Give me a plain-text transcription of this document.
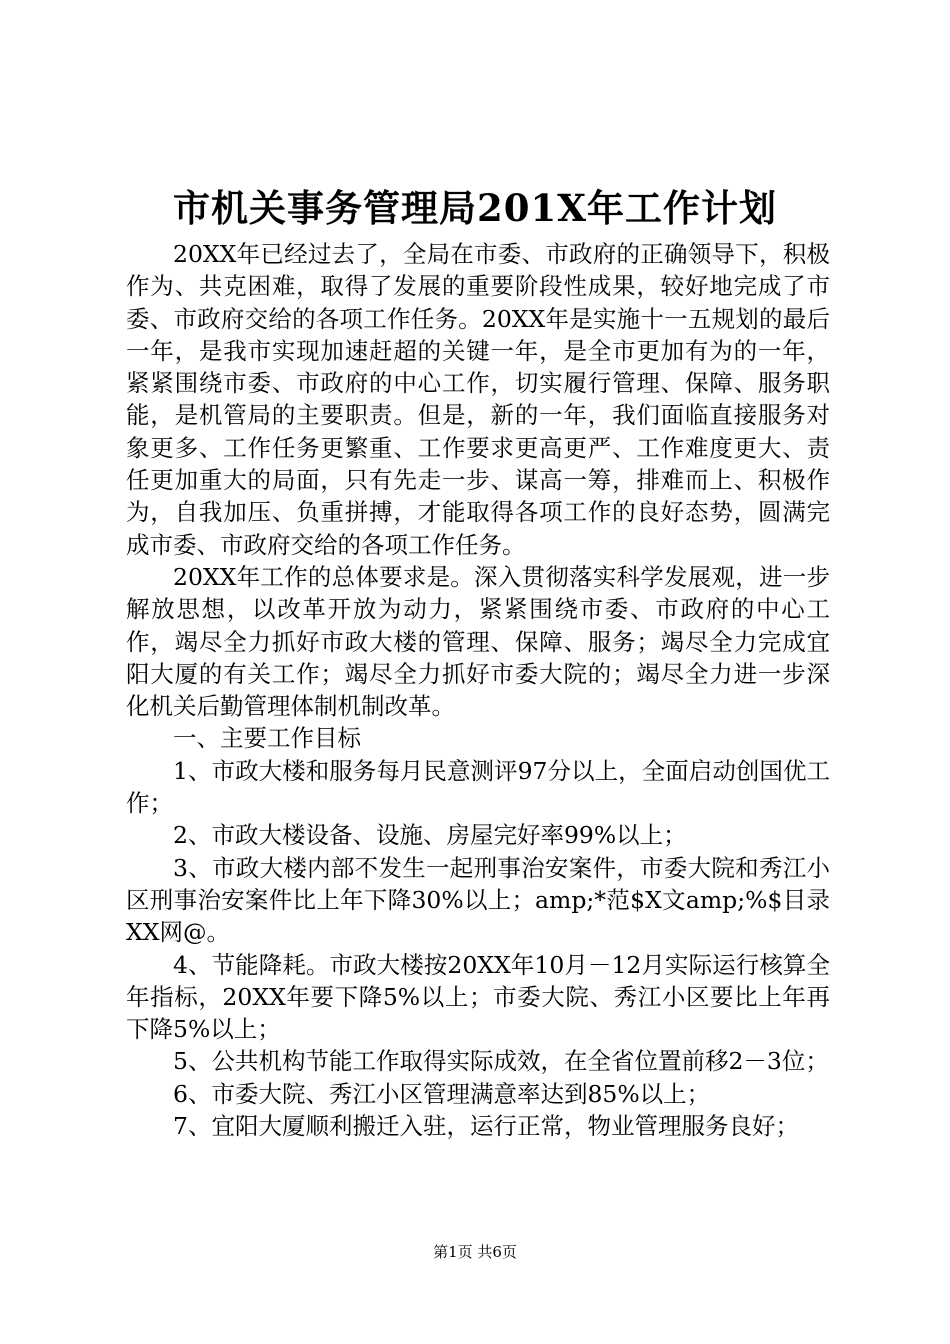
市机关事务管理局201X年工作计划

20XX年已经过去了，全局在市委、市政府的正确领导下，积极作为、共克困难，取得了发展的重要阶段性成果，较好地完成了市委、市政府交给的各项工作任务。20XX年是实施十一五规划的最后一年，是我市实现加速赶超的关键一年，是全市更加有为的一年，紧紧围绕市委、市政府的中心工作，切实履行管理、保障、服务职能，是机管局的主要职责。但是，新的一年，我们面临直接服务对象更多、工作任务更繁重、工作要求更高更严、工作难度更大、责任更加重大的局面，只有先走一步、谋高一筹，排难而上、积极作为，自我加压、负重拼搏，才能取得各项工作的良好态势，圆满完成市委、市政府交给的各项工作任务。

20XX年工作的总体要求是。深入贯彻落实科学发展观，进一步解放思想，以改革开放为动力，紧紧围绕市委、市政府的中心工作，竭尽全力抓好市政大楼的管理、保障、服务；竭尽全力完成宜阳大厦的有关工作；竭尽全力抓好市委大院的；竭尽全力进一步深化机关后勤管理体制机制改革。

一、主要工作目标

1、市政大楼和服务每月民意测评97分以上，全面启动创国优工作；

2、市政大楼设备、设施、房屋完好率99%以上；

3、市政大楼内部不发生一起刑事治安案件，市委大院和秀江小区刑事治安案件比上年下降30%以上；amp;*范$X文amp;%$目录XX网@。

4、节能降耗。市政大楼按20XX年10月－12月实际运行核算全年指标，20XX年要下降5%以上；市委大院、秀江小区要比上年再下降5%以上；

5、公共机构节能工作取得实际成效，在全省位置前移2－3位；

6、市委大院、秀江小区管理满意率达到85%以上；

7、宜阳大厦顺利搬迁入驻，运行正常，物业管理服务良好；

第1页 共6页
